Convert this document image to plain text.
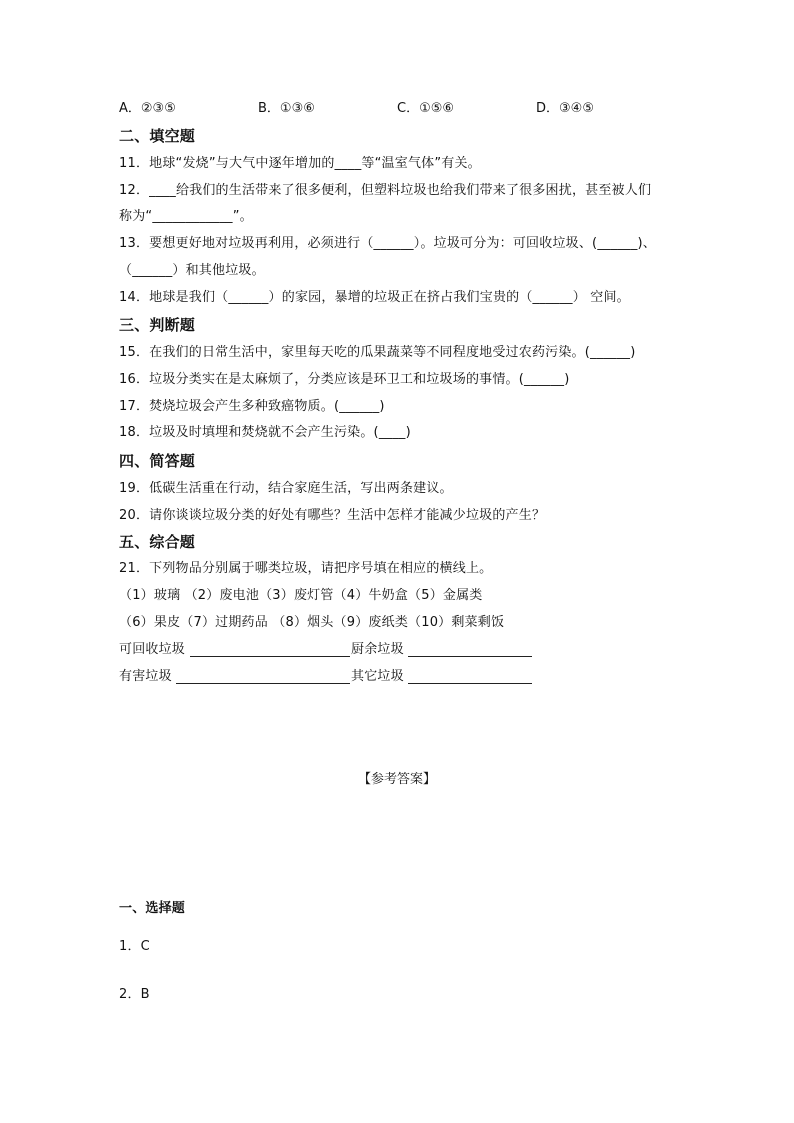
A．②③⑤	B．①③⑥	C．①⑤⑥	D．③④⑤
二、填空题
11．地球“发烧”与大气中逐年增加的____等“温室气体”有关。
12．____给我们的生活带来了很多便利，但塑料垃圾也给我们带来了很多困扰，甚至被人们
称为“____________”。
13．要想更好地对垃圾再利用，必须进行（______）。垃圾可分为：可回收垃圾、(______)、
（______）和其他垃圾。
14．地球是我们（______）的家园，暴增的垃圾正在挤占我们宝贵的（______） 空间。
三、判断题
15．在我们的日常生活中，家里每天吃的瓜果蔬菜等不同程度地受过农药污染。(______)
16．垃圾分类实在是太麻烦了，分类应该是环卫工和垃圾场的事情。(______)
17．焚烧垃圾会产生多种致癌物质。(______)
18．垃圾及时填埋和焚烧就不会产生污染。(____)
四、简答题
19．低碳生活重在行动，结合家庭生活，写出两条建议。
20．请你谈谈垃圾分类的好处有哪些？生活中怎样才能减少垃圾的产生？
五、综合题
21．下列物品分别属于哪类垃圾，请把序号填在相应的横线上。
（1）玻璃 （2）废电池（3）废灯管（4）牛奶盒（5）金属类
（6）果皮（7）过期药品 （8）烟头（9）废纸类（10）剩菜剩饭
可回收垃圾	厨余垃圾
有害垃圾	其它垃圾
【参考答案】
一、选择题
1．C
2．B
